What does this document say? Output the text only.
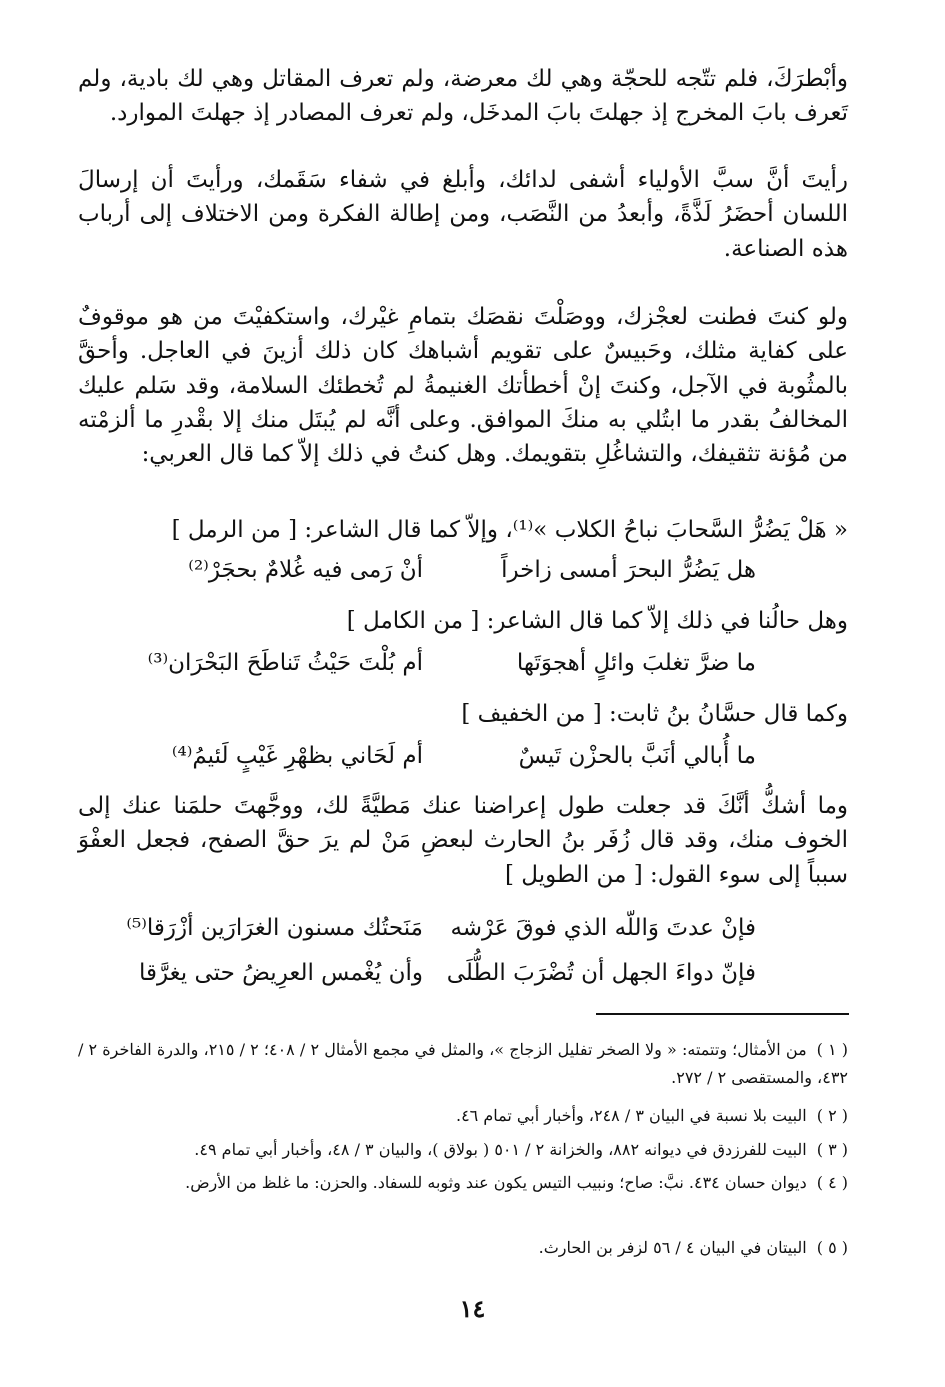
وأبْطرَكَ، فلم تتّجه للحجّة وهي لك معرضة، ولم تعرف المقاتل وهي لك بادية، ولم تَعرف بابَ المخرج إذ جهلتَ بابَ المدخَل، ولم تعرف المصادر إذ جهلتَ الموارد.

رأيتَ أنَّ سبَّ الأولياء أشفى لدائك، وأبلغ في شفاء سَقَمك، ورأيتَ أن إرسالَ اللسان أحضَرُ لَذَّةً، وأبعدُ من النَّصَب، ومن إطالة الفكرة ومن الاختلاف إلى أرباب هذه الصناعة.

ولو كنتَ فطنت لعجْزك، ووصَلْتَ نقصَك بتمامِ غيْرك، واستكفيْتَ من هو موقوفٌ على كفاية مثلك، وحَبيسٌ على تقويم أشباهك كان ذلك أزينَ في العاجل. وأحقَّ بالمثُوبة في الآجل، وكنتَ إنْ أخطأتك الغنيمةُ لم تُخطئك السلامة، وقد سَلم عليك المخالفُ بقدر ما ابتُلي به منكَ الموافق. وعلى أنَّه لم يُبتَل منك إلا بقْدرِ ما ألزمْته من مُؤنة تثقيفك، والتشاغُلِ بتقويمك. وهل كنتُ في ذلك إلاّ كما قال العربي:

« هَلْ يَضُرُّ السَّحابَ نباحُ الكلاب »⁽¹⁾، وإلاّ كما قال الشاعر: [ من الرمل ]

هل يَضُرُّ البحرَ أمسى زاخراً
أنْ رَمى فيه غُلامٌ بحجَرْ⁽²⁾

وهل حالُنا في ذلك إلاّ كما قال الشاعر: [ من الكامل ]

ما ضرَّ تغلبَ وائلٍ أهجوَتَها
أم بُلْتَ حَيْثُ تَناطَحَ البَحْرَان⁽³⁾

وكما قال حسَّانُ بنُ ثابت: [ من الخفيف ]

ما أُبالي أنَبَّ بالحزْن تَيسٌ
أم لَحَاني بظهْرِ غَيْبٍ لَئيمُ⁽⁴⁾

وما أشكُّ أنَّكَ قد جعلت طول إعراضنا عنك مَطيَّةً لك، ووجَّهتَ حلمَنا عنك إلى الخوف منك، وقد قال زُفَر بنُ الحارث لبعضِ مَنْ لم يرَ حقَّ الصفح، فجعل العفْوَ سبباً إلى سوء القول: [ من الطويل ]

فإنْ عدتَ وَاللّه الذي فوقَ عَرْشه
مَنَحتُك مسنون الغرَارَين أزْرَقا⁽⁵⁾
فإنّ دواءَ الجهل أن تُضْرَبَ الطُّلَى
وأن يُغْمس العرِيضُ حتى يغرَّقا

( ١ )من الأمثال؛ وتتمته: « ولا الصخر تفليل الزجاج »، والمثل في مجمع الأمثال ٢ / ٤٠٨؛ ٢ / ٢١٥، والدرة الفاخرة ٢ / ٤٣٢، والمستقصى ٢ / ٢٧٢.

( ٢ )البيت بلا نسبة في البيان ٣ / ٢٤٨، وأخبار أبي تمام ٤٦.

( ٣ )البيت للفرزدق في ديوانه ٨٨٢، والخزانة ٢ / ٥٠١ ( بولاق )، والبيان ٣ / ٤٨، وأخبار أبي تمام ٤٩.

( ٤ )ديوان حسان ٤٣٤. نبَّ: صاح؛ ونبيب التيس يكون عند وثوبه للسفاد. والحزن: ما غلظ من الأرض.

( ٥ )البيتان في البيان ٤ / ٥٦ لزفر بن الحارث.

١٤
